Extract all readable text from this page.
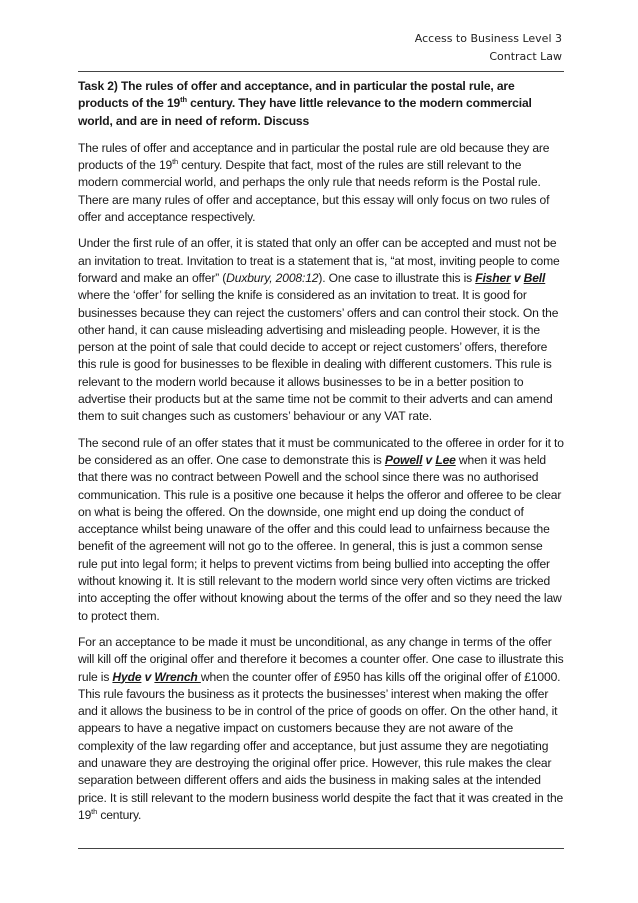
Access to Business Level 3
Contract Law

Task 2) The rules of offer and acceptance, and in particular the postal rule, are products of the 19th century. They have little relevance to the modern commercial world, and are in need of reform. Discuss

The rules of offer and acceptance and in particular the postal rule are old because they are products of the 19th century. Despite that fact, most of the rules are still relevant to the modern commercial world, and perhaps the only rule that needs reform is the Postal rule. There are many rules of offer and acceptance, but this essay will only focus on two rules of offer and acceptance respectively.

Under the first rule of an offer, it is stated that only an offer can be accepted and must not be an invitation to treat. Invitation to treat is a statement that is, “at most, inviting people to come forward and make an offer” (Duxbury, 2008:12). One case to illustrate this is Fisher v Bell where the ‘offer’ for selling the knife is considered as an invitation to treat. It is good for businesses because they can reject the customers’ offers and can control their stock. On the other hand, it can cause misleading advertising and misleading people. However, it is the person at the point of sale that could decide to accept or reject customers’ offers, therefore this rule is good for businesses to be flexible in dealing with different customers. This rule is relevant to the modern world because it allows businesses to be in a better position to advertise their products but at the same time not be commit to their adverts and can amend them to suit changes such as customers’ behaviour or any VAT rate.

The second rule of an offer states that it must be communicated to the offeree in order for it to be considered as an offer. One case to demonstrate this is Powell v Lee when it was held that there was no contract between Powell and the school since there was no authorised communication. This rule is a positive one because it helps the offeror and offeree to be clear on what is being the offered. On the downside, one might end up doing the conduct of acceptance whilst being unaware of the offer and this could lead to unfairness because the benefit of the agreement will not go to the offeree. In general, this is just a common sense rule put into legal form; it helps to prevent victims from being bullied into accepting the offer without knowing it. It is still relevant to the modern world since very often victims are tricked into accepting the offer without knowing about the terms of the offer and so they need the law to protect them.

For an acceptance to be made it must be unconditional, as any change in terms of the offer will kill off the original offer and therefore it becomes a counter offer. One case to illustrate this rule is Hyde v Wrench when the counter offer of £950 has kills off the original offer of £1000. This rule favours the business as it protects the businesses’ interest when making the offer and it allows the business to be in control of the price of goods on offer. On the other hand, it appears to have a negative impact on customers because they are not aware of the complexity of the law regarding offer and acceptance, but just assume they are negotiating and unaware they are destroying the original offer price. However, this rule makes the clear separation between different offers and aids the business in making sales at the intended price. It is still relevant to the modern business world despite the fact that it was created in the 19th century.
